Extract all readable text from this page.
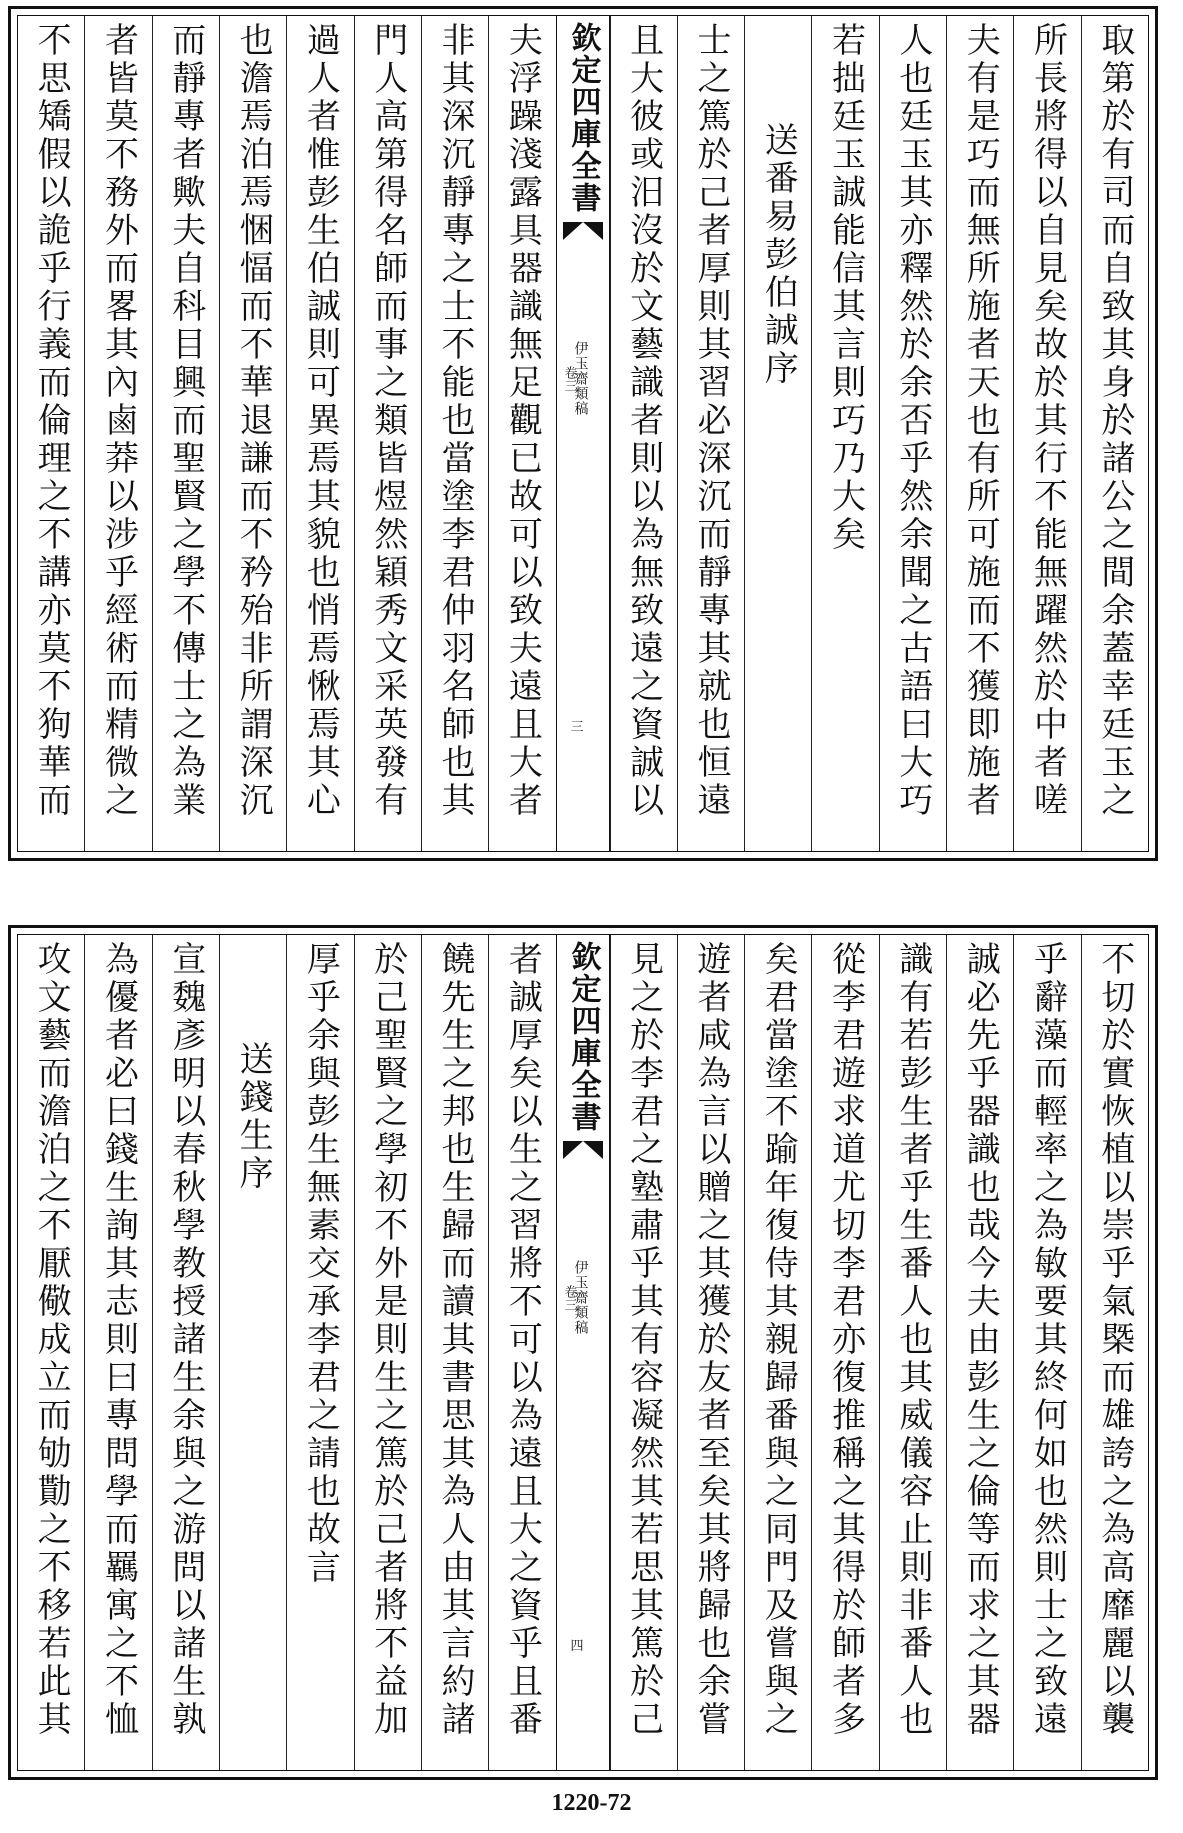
取第於有司而自致其身於諸公之間余蓋幸廷玉之
所長將得以自見矣故於其行不能無躍然於中者嗟
夫有是巧而無所施者天也有所可施而不獲即施者
人也廷玉其亦釋然於余否乎然余聞之古語曰大巧
若拙廷玉誠能信其言則巧乃大矣
送番易彭伯誠序
士之篤於己者厚則其習必深沉而靜專其就也恒遠
且大彼或汨沒於文藝識者則以為無致遠之資誠以
欽定四庫全書
伊玉齋類稿
卷三
三
夫浮躁淺露具器識無足觀已故可以致夫遠且大者
非其深沉靜專之士不能也當塗李君仲羽名師也其
門人高第得名師而事之類皆煜然穎秀文采英發有
過人者惟彭生伯誠則可異焉其貌也悄焉愀焉其心
也澹焉泊焉悃愊而不華退謙而不矜殆非所謂深沉
而靜專者歟夫自科目興而聖賢之學不傳士之為業
者皆莫不務外而畧其內鹵莽以涉乎經術而精微之
不思矯假以詭乎行義而倫理之不講亦莫不狗華而
不切於實恢植以崇乎氣槩而雄誇之為高靡麗以襲
乎辭藻而輕率之為敏要其終何如也然則士之致遠
誠必先乎器識也哉今夫由彭生之倫等而求之其器
識有若彭生者乎生番人也其威儀容止則非番人也
從李君遊求道尤切李君亦復推稱之其得於師者多
矣君當塗不踰年復侍其親歸番與之同門及嘗與之
遊者咸為言以贈之其獲於友者至矣其將歸也余嘗
見之於李君之塾肅乎其有容凝然其若思其篤於己
欽定四庫全書
伊玉齋類稿
卷三
四
者誠厚矣以生之習將不可以為遠且大之資乎且番
饒先生之邦也生歸而讀其書思其為人由其言約諸
於己聖賢之學初不外是則生之篤於己者將不益加
厚乎余與彭生無素交承李君之請也故言
送錢生序
宣魏彥明以春秋學教授諸生余與之游問以諸生孰
為優者必曰錢生詢其志則曰專問學而羈寓之不恤
攻文藝而澹泊之不厭儆成立而劬勩之不移若此其
1220-72
